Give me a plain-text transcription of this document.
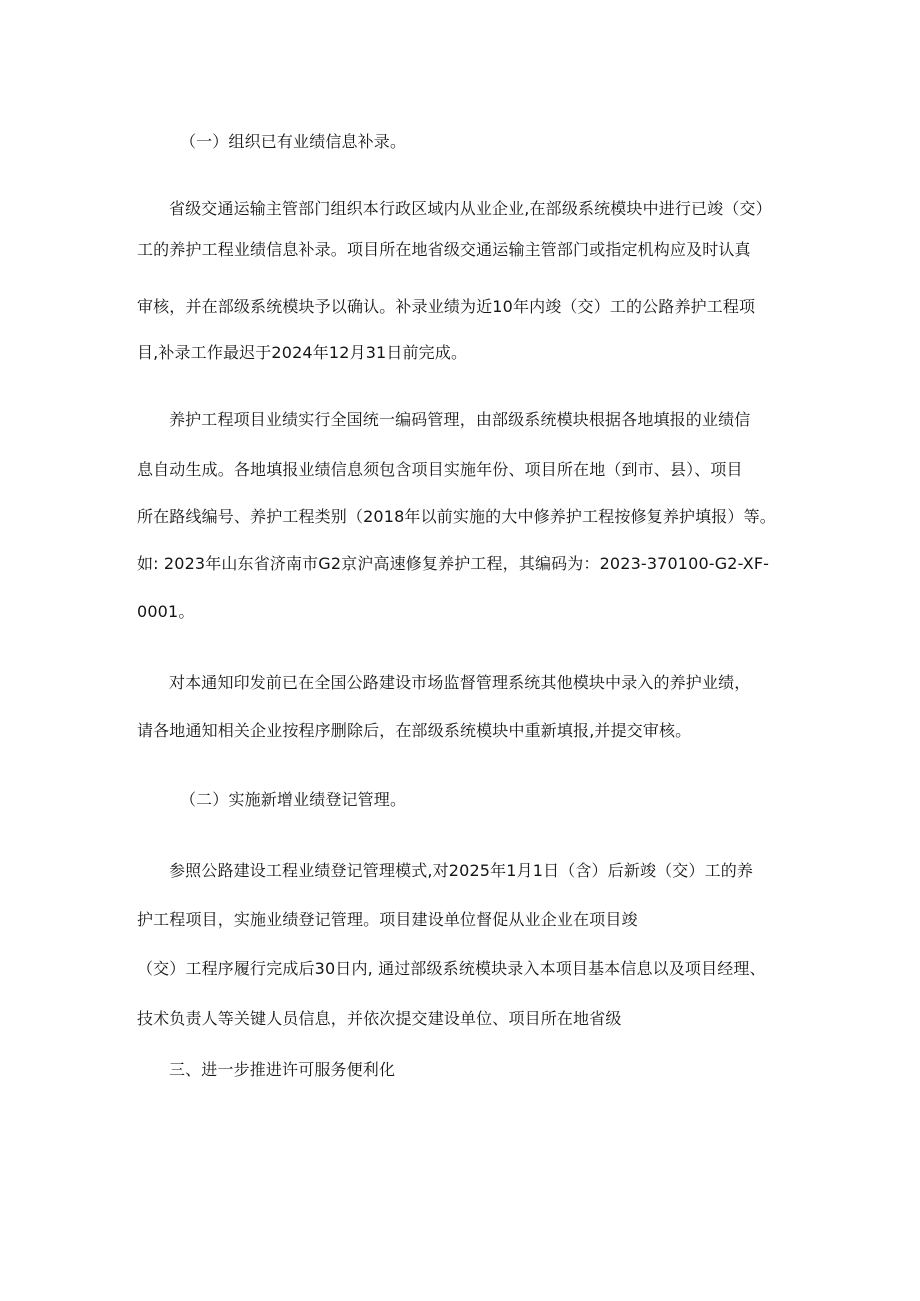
（一）组织已有业绩信息补录。
省级交通运输主管部门组织本行政区域内从业企业,在部级系统模块中进行已竣（交）
工的养护工程业绩信息补录。项目所在地省级交通运输主管部门或指定机构应及时认真
审核，并在部级系统模块予以确认。补录业绩为近10年内竣（交）工的公路养护工程项
目,补录工作最迟于2024年12月31日前完成。
养护工程项目业绩实行全国统一编码管理，由部级系统模块根据各地填报的业绩信
息自动生成。各地填报业绩信息须包含项目实施年份、项目所在地（到市、县）、项目
所在路线编号、养护工程类别（2018年以前实施的大中修养护工程按修复养护填报）等。
如: 2023年山东省济南市G2京沪高速修复养护工程，其编码为：2023-370100-G2-XF-
0001。
对本通知印发前已在全国公路建设市场监督管理系统其他模块中录入的养护业绩，
请各地通知相关企业按程序删除后，在部级系统模块中重新填报,并提交审核。
（二）实施新增业绩登记管理。
参照公路建设工程业绩登记管理模式,对2025年1月1日（含）后新竣（交）工的养
护工程项目，实施业绩登记管理。项目建设单位督促从业企业在项目竣
（交）工程序履行完成后30日内, 通过部级系统模块录入本项目基本信息以及项目经理、
技术负责人等关键人员信息，并依次提交建设单位、项目所在地省级
三、进一步推进许可服务便利化
